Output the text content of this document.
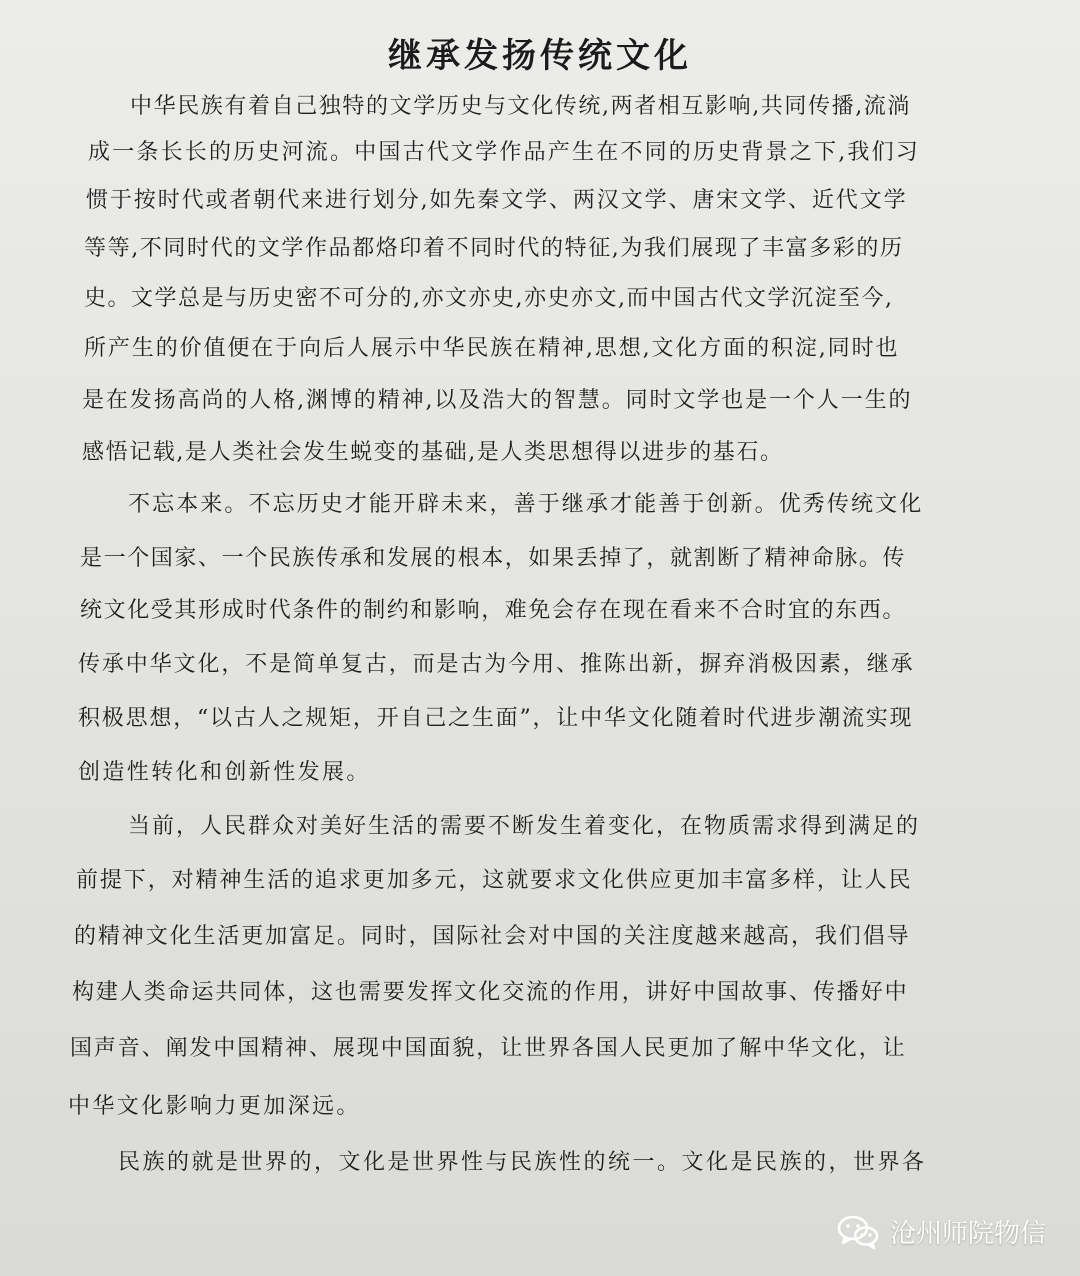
继承发扬传统文化
中华民族有着自己独特的文学历史与文化传统,两者相互影响,共同传播,流淌
成一条长长的历史河流。中国古代文学作品产生在不同的历史背景之下,我们习
惯于按时代或者朝代来进行划分,如先秦文学、两汉文学、唐宋文学、近代文学
等等,不同时代的文学作品都烙印着不同时代的特征,为我们展现了丰富多彩的历
史。文学总是与历史密不可分的,亦文亦史,亦史亦文,而中国古代文学沉淀至今,
所产生的价值便在于向后人展示中华民族在精神,思想,文化方面的积淀,同时也
是在发扬高尚的人格,渊博的精神,以及浩大的智慧。同时文学也是一个人一生的
感悟记载,是人类社会发生蜕变的基础,是人类思想得以进步的基石。
不忘本来。不忘历史才能开辟未来，善于继承才能善于创新。优秀传统文化
是一个国家、一个民族传承和发展的根本，如果丢掉了，就割断了精神命脉。传
统文化受其形成时代条件的制约和影响，难免会存在现在看来不合时宜的东西。
传承中华文化，不是简单复古，而是古为今用、推陈出新，摒弃消极因素，继承
积极思想，“以古人之规矩，开自己之生面”，让中华文化随着时代进步潮流实现
创造性转化和创新性发展。
当前，人民群众对美好生活的需要不断发生着变化，在物质需求得到满足的
前提下，对精神生活的追求更加多元，这就要求文化供应更加丰富多样，让人民
的精神文化生活更加富足。同时，国际社会对中国的关注度越来越高，我们倡导
构建人类命运共同体，这也需要发挥文化交流的作用，讲好中国故事、传播好中
国声音、阐发中国精神、展现中国面貌，让世界各国人民更加了解中华文化，让
中华文化影响力更加深远。
民族的就是世界的，文化是世界性与民族性的统一。文化是民族的，世界各
沧州师院物信
